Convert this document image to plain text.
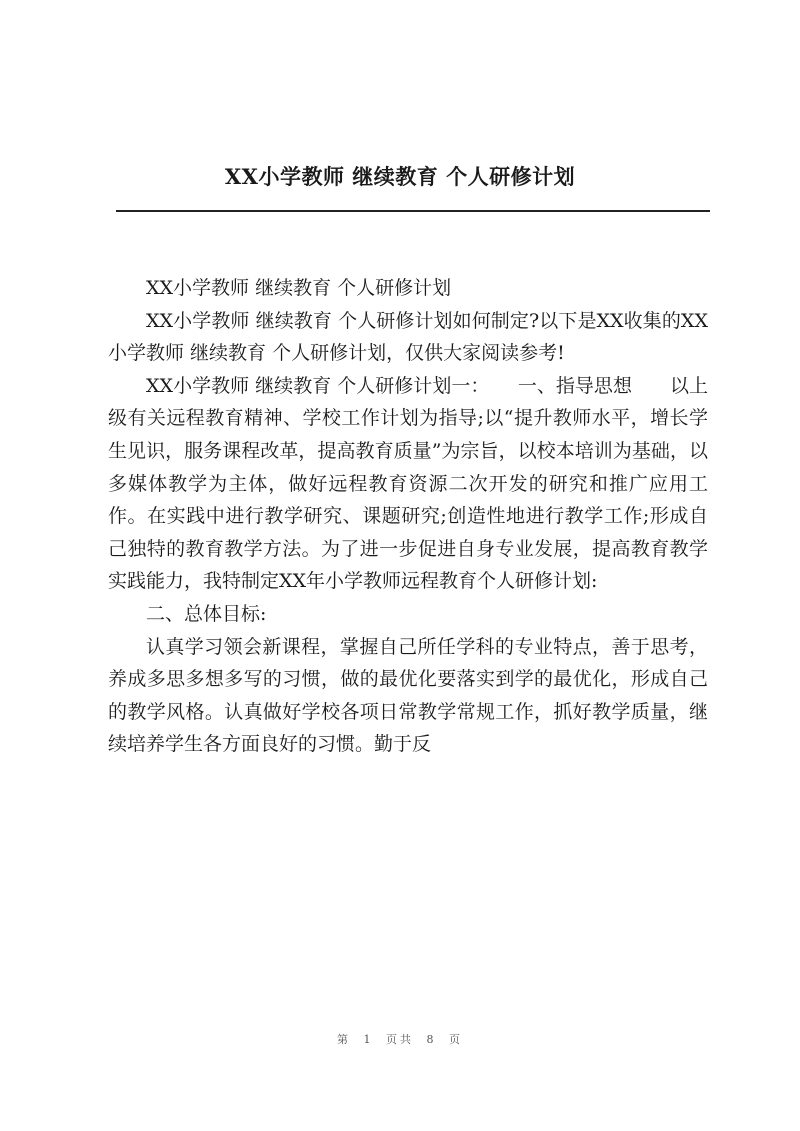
XX小学教师 继续教育 个人研修计划

XX小学教师 继续教育 个人研修计划

XX小学教师 继续教育 个人研修计划如何制定?以下是XX收集的XX小学教师 继续教育 个人研修计划，仅供大家阅读参考!

XX小学教师 继续教育 个人研修计划一：　　一、指导思想　　以上级有关远程教育精神、学校工作计划为指导;以“提升教师水平，增长学生见识，服务课程改革，提高教育质量”为宗旨，以校本培训为基础，以多媒体教学为主体，做好远程教育资源二次开发的研究和推广应用工作。在实践中进行教学研究、课题研究;创造性地进行教学工作;形成自己独特的教育教学方法。为了进一步促进自身专业发展，提高教育教学实践能力，我特制定XX年小学教师远程教育个人研修计划:

二、总体目标:

认真学习领会新课程，掌握自己所任学科的专业特点，善于思考，养成多思多想多写的习惯，做的最优化要落实到学的最优化，形成自己的教学风格。认真做好学校各项日常教学常规工作，抓好教学质量，继续培养学生各方面良好的习惯。勤于反

第 1 页共 8 页
